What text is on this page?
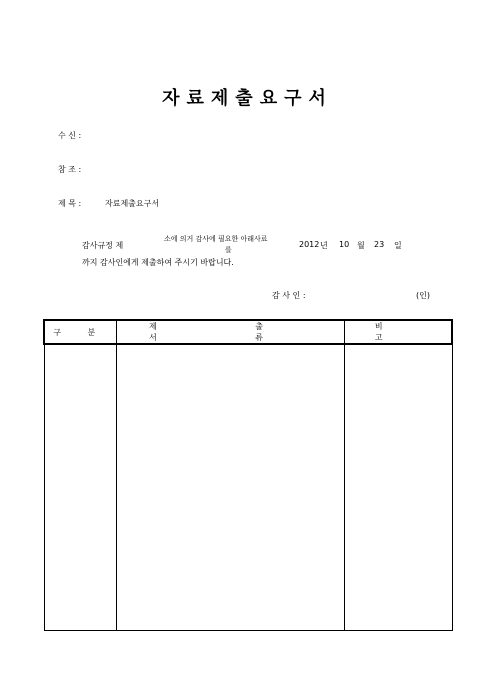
자료제출요구서
수 신 :
참 조 :
제 목 :	자료제출요구서
감사규정 제
소에 의거 감사에 필요한 아래사료
를
2012 년 10 월 23 일
까지 감사인에게 제출하여 주시기 바랍니다.
감 사 인 :	(인)
구 분	제 출 서 류	비 고
